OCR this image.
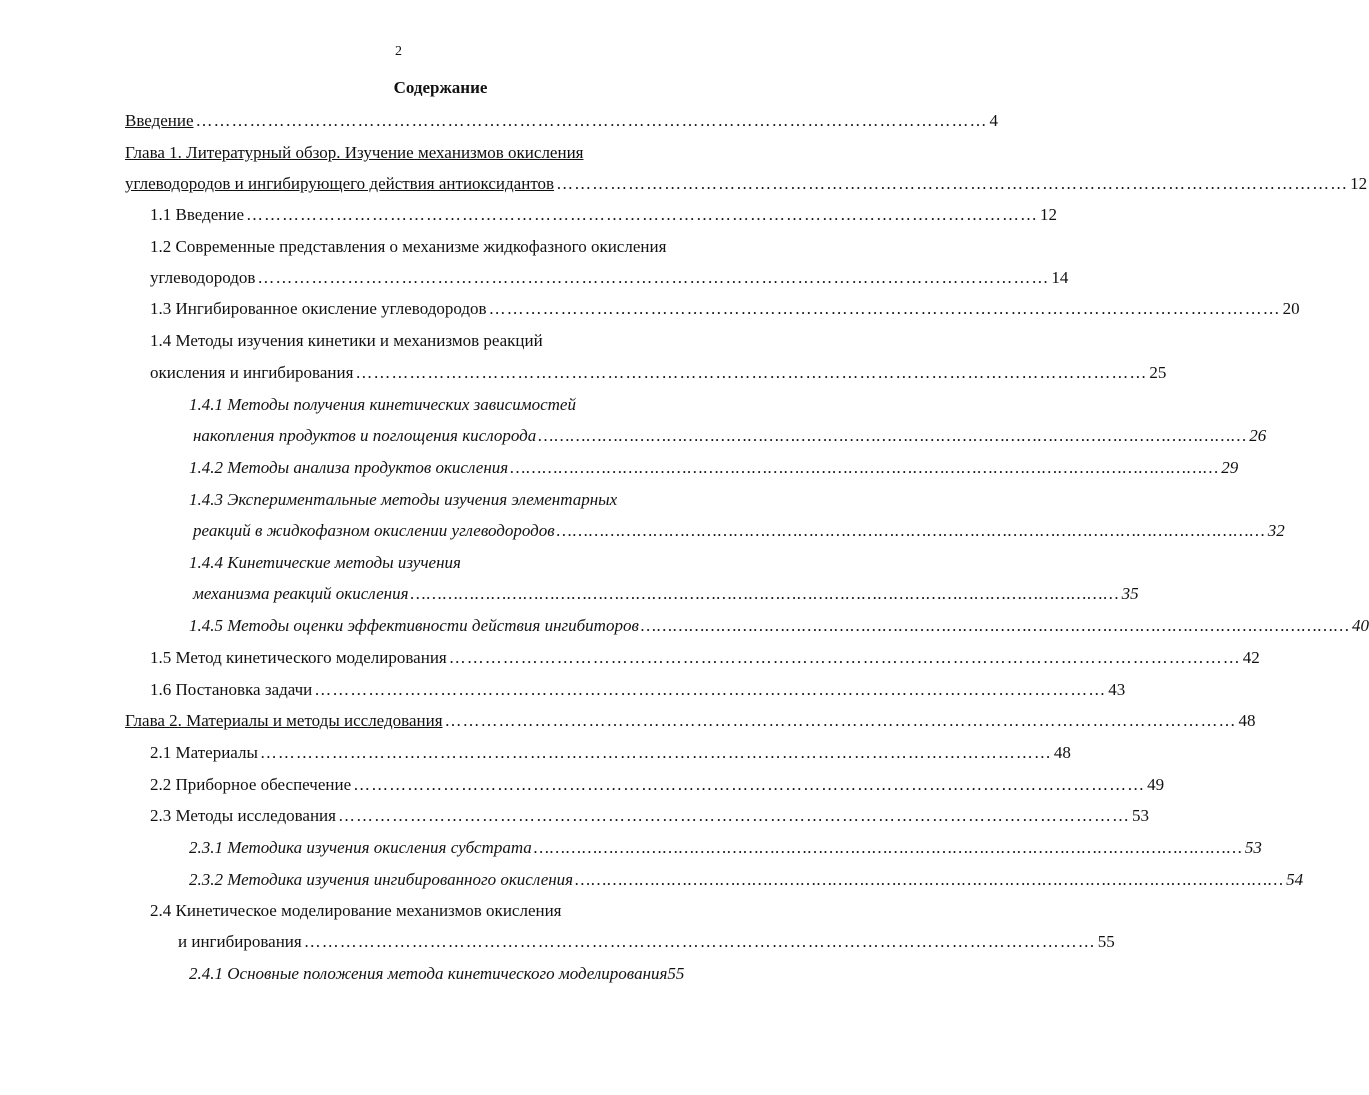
2
Содержание
Введение …………………………………………………………………………………………………………………… 4
Глава 1. Литературный обзор. Изучение механизмов окисления
углеводородов и ингибирующего действия антиоксидантов …………………………………………………………………………………………………………………… 12
1.1 Введение …………………………………………………………………………………………………………………… 12
1.2 Современные представления о механизме жидкофазного окисления
углеводородов …………………………………………………………………………………………………………………… 14
1.3 Ингибированное окисление углеводородов …………………………………………………………………………………………………………………… 20
1.4 Методы изучения кинетики и механизмов реакций
окисления и ингибирования …………………………………………………………………………………………………………………… 25
1.4.1 Методы получения кинетических зависимостей
накопления продуктов и поглощения кислорода …………………………………………………………………………………………………………………… 26
1.4.2 Методы анализа продуктов окисления …………………………………………………………………………………………………………………… 29
1.4.3 Экспериментальные методы изучения элементарных
реакций в жидкофазном окислении углеводородов …………………………………………………………………………………………………………………… 32
1.4.4 Кинетические методы изучения
механизма реакций окисления …………………………………………………………………………………………………………………… 35
1.4.5 Методы оценки эффективности действия ингибиторов …………………………………………………………………………………………………………………… 40
1.5 Метод кинетического моделирования …………………………………………………………………………………………………………………… 42
1.6 Постановка задачи …………………………………………………………………………………………………………………… 43
Глава 2. Материалы и методы исследования …………………………………………………………………………………………………………………… 48
2.1 Материалы …………………………………………………………………………………………………………………… 48
2.2 Приборное обеспечение …………………………………………………………………………………………………………………… 49
2.3 Методы исследования …………………………………………………………………………………………………………………… 53
2.3.1 Методика изучения окисления субстрата …………………………………………………………………………………………………………………… 53
2.3.2 Методика изучения ингибированного окисления …………………………………………………………………………………………………………………… 54
2.4 Кинетическое моделирование механизмов окисления
и ингибирования …………………………………………………………………………………………………………………… 55
2.4.1 Основные положения метода кинетического моделирования 55
